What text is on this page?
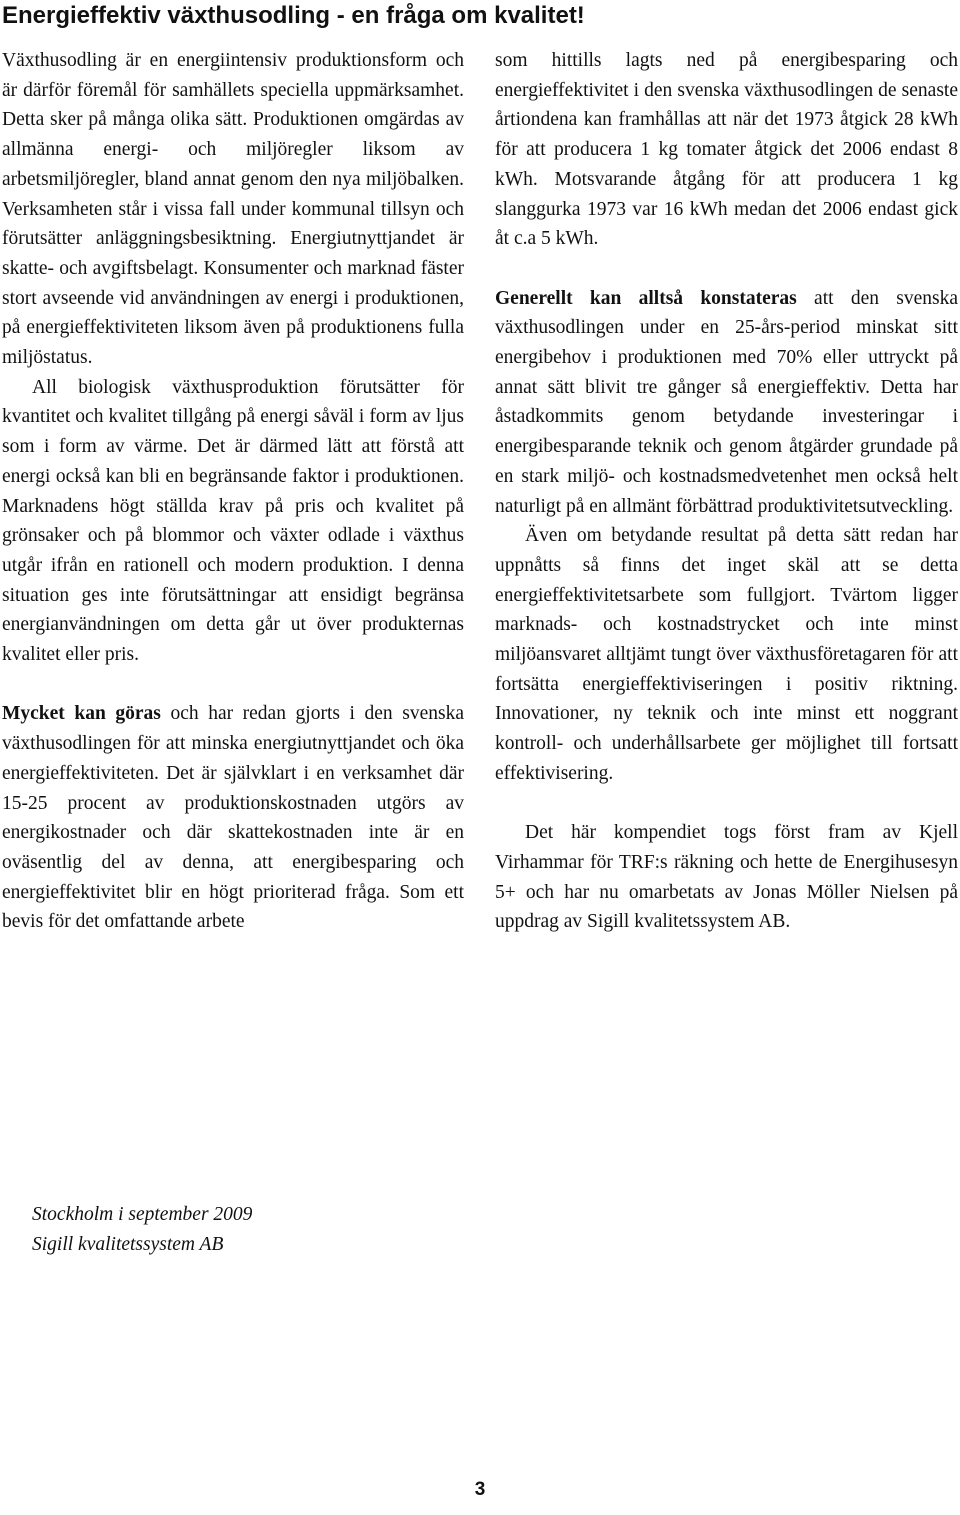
Energieffektiv växthusodling - en fråga om kvalitet!

Växthusodling är en energiintensiv produktionsform och är därför föremål för samhällets speciella uppmärksamhet. Detta sker på många olika sätt. Produktionen omgärdas av allmänna energi- och miljöregler liksom av arbetsmiljöregler, bland annat genom den nya miljöbalken. Verksamheten står i vissa fall under kommunal tillsyn och förutsätter anläggningsbesiktning. Energiutnyttjandet är skatte- och avgiftsbelagt. Konsumenter och marknad fäster stort avseende vid användningen av energi i produktionen, på energieffektiviteten liksom även på produktionens fulla miljöstatus.

All biologisk växthusproduktion förutsätter för kvantitet och kvalitet tillgång på energi såväl i form av ljus som i form av värme. Det är därmed lätt att förstå att energi också kan bli en begränsande faktor i produktionen. Marknadens högt ställda krav på pris och kvalitet på grönsaker och på blommor och växter odlade i växthus utgår ifrån en rationell och modern produktion. I denna situation ges inte förutsättningar att ensidigt begränsa energianvändningen om detta går ut över produkternas kvalitet eller pris.

Mycket kan göras och har redan gjorts i den svenska växthusodlingen för att minska energiutnyttjandet och öka energieffektiviteten. Det är självklart i en verksamhet där 15-25 procent av produktionskostnaden utgörs av energikostnader och där skattekostnaden inte är en oväsentlig del av denna, att energibesparing och energieffektivitet blir en högt prioriterad fråga. Som ett bevis för det omfattande arbete

som hittills lagts ned på energibesparing och energieffektivitet i den svenska växthusodlingen de senaste årtiondena kan framhållas att när det 1973 åtgick 28 kWh för att producera 1 kg tomater åtgick det 2006 endast 8 kWh. Motsvarande åtgång för att producera 1 kg slanggurka 1973 var 16 kWh medan det 2006 endast gick åt c.a 5 kWh.

Generellt kan alltså konstateras att den svenska växthusodlingen under en 25-års-period minskat sitt energibehov i produktionen med 70% eller uttryckt på annat sätt blivit tre gånger så energieffektiv. Detta har åstadkommits genom betydande investeringar i energibesparande teknik och genom åtgärder grundade på en stark miljö- och kostnadsmedvetenhet men också helt naturligt på en allmänt förbättrad produktivitetsutveckling.

Även om betydande resultat på detta sätt redan har uppnåtts så finns det inget skäl att se detta energieffektivitetsarbete som fullgjort. Tvärtom ligger marknads- och kostnadstrycket och inte minst miljöansvaret alltjämt tungt över växthusföretagaren för att fortsätta energieffektiviseringen i positiv riktning. Innovationer, ny teknik och inte minst ett noggrant kontroll- och underhållsarbete ger möjlighet till fortsatt effektivisering.

Det här kompendiet togs först fram av Kjell Virhammar för TRF:s räkning och hette de Energihusesyn 5+ och har nu omarbetats av Jonas Möller Nielsen på uppdrag av Sigill kvalitetssystem AB.

Stockholm i september 2009
Sigill kvalitetssystem AB
3
